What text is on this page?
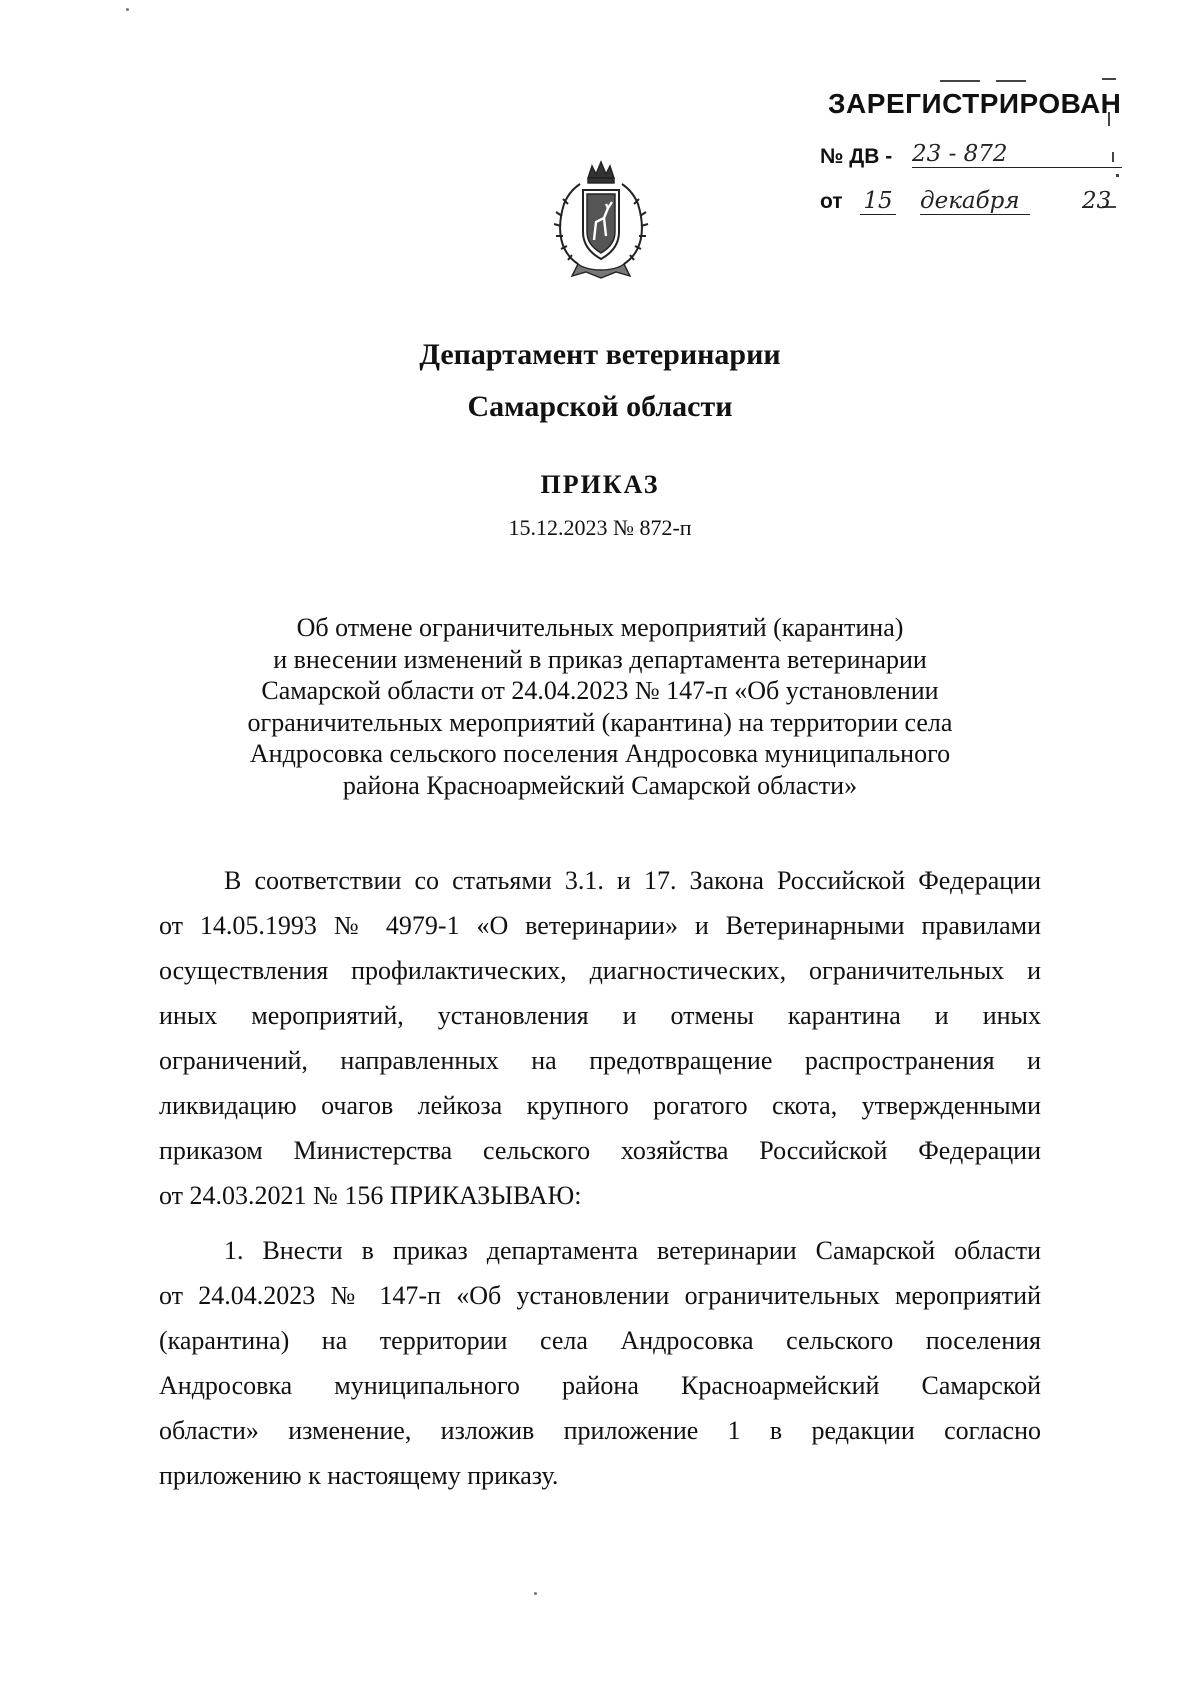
ЗАРЕГИСТРИРОВАН
№ ДВ - 23 - 872
от 15 декабря	23
Департамент ветеринарии
Самарской области
ПРИКАЗ
15.12.2023 № 872-п
Об отмене ограничительных мероприятий (карантина)
и внесении изменений в приказ департамента ветеринарии
Самарской области от 24.04.2023 № 147-п «Об установлении
ограничительных мероприятий (карантина) на территории села
Андросовка сельского поселения Андросовка муниципального
района Красноармейский Самарской области»
В соответствии со статьями 3.1. и 17. Закона Российской Федерации
от 14.05.1993 № 4979-1 «О ветеринарии» и Ветеринарными правилами
осуществления профилактических, диагностических, ограничительных и
иных мероприятий, установления и отмены карантина и иных
ограничений, направленных на предотвращение распространения и
ликвидацию очагов лейкоза крупного рогатого скота, утвержденными
приказом Министерства сельского хозяйства Российской Федерации
от 24.03.2021 № 156 ПРИКАЗЫВАЮ:
1. Внести в приказ департамента ветеринарии Самарской области
от 24.04.2023 № 147-п «Об установлении ограничительных мероприятий
(карантина) на территории села Андросовка сельского поселения
Андросовка муниципального района Красноармейский Самарской
области» изменение, изложив приложение 1 в редакции согласно
приложению к настоящему приказу.
